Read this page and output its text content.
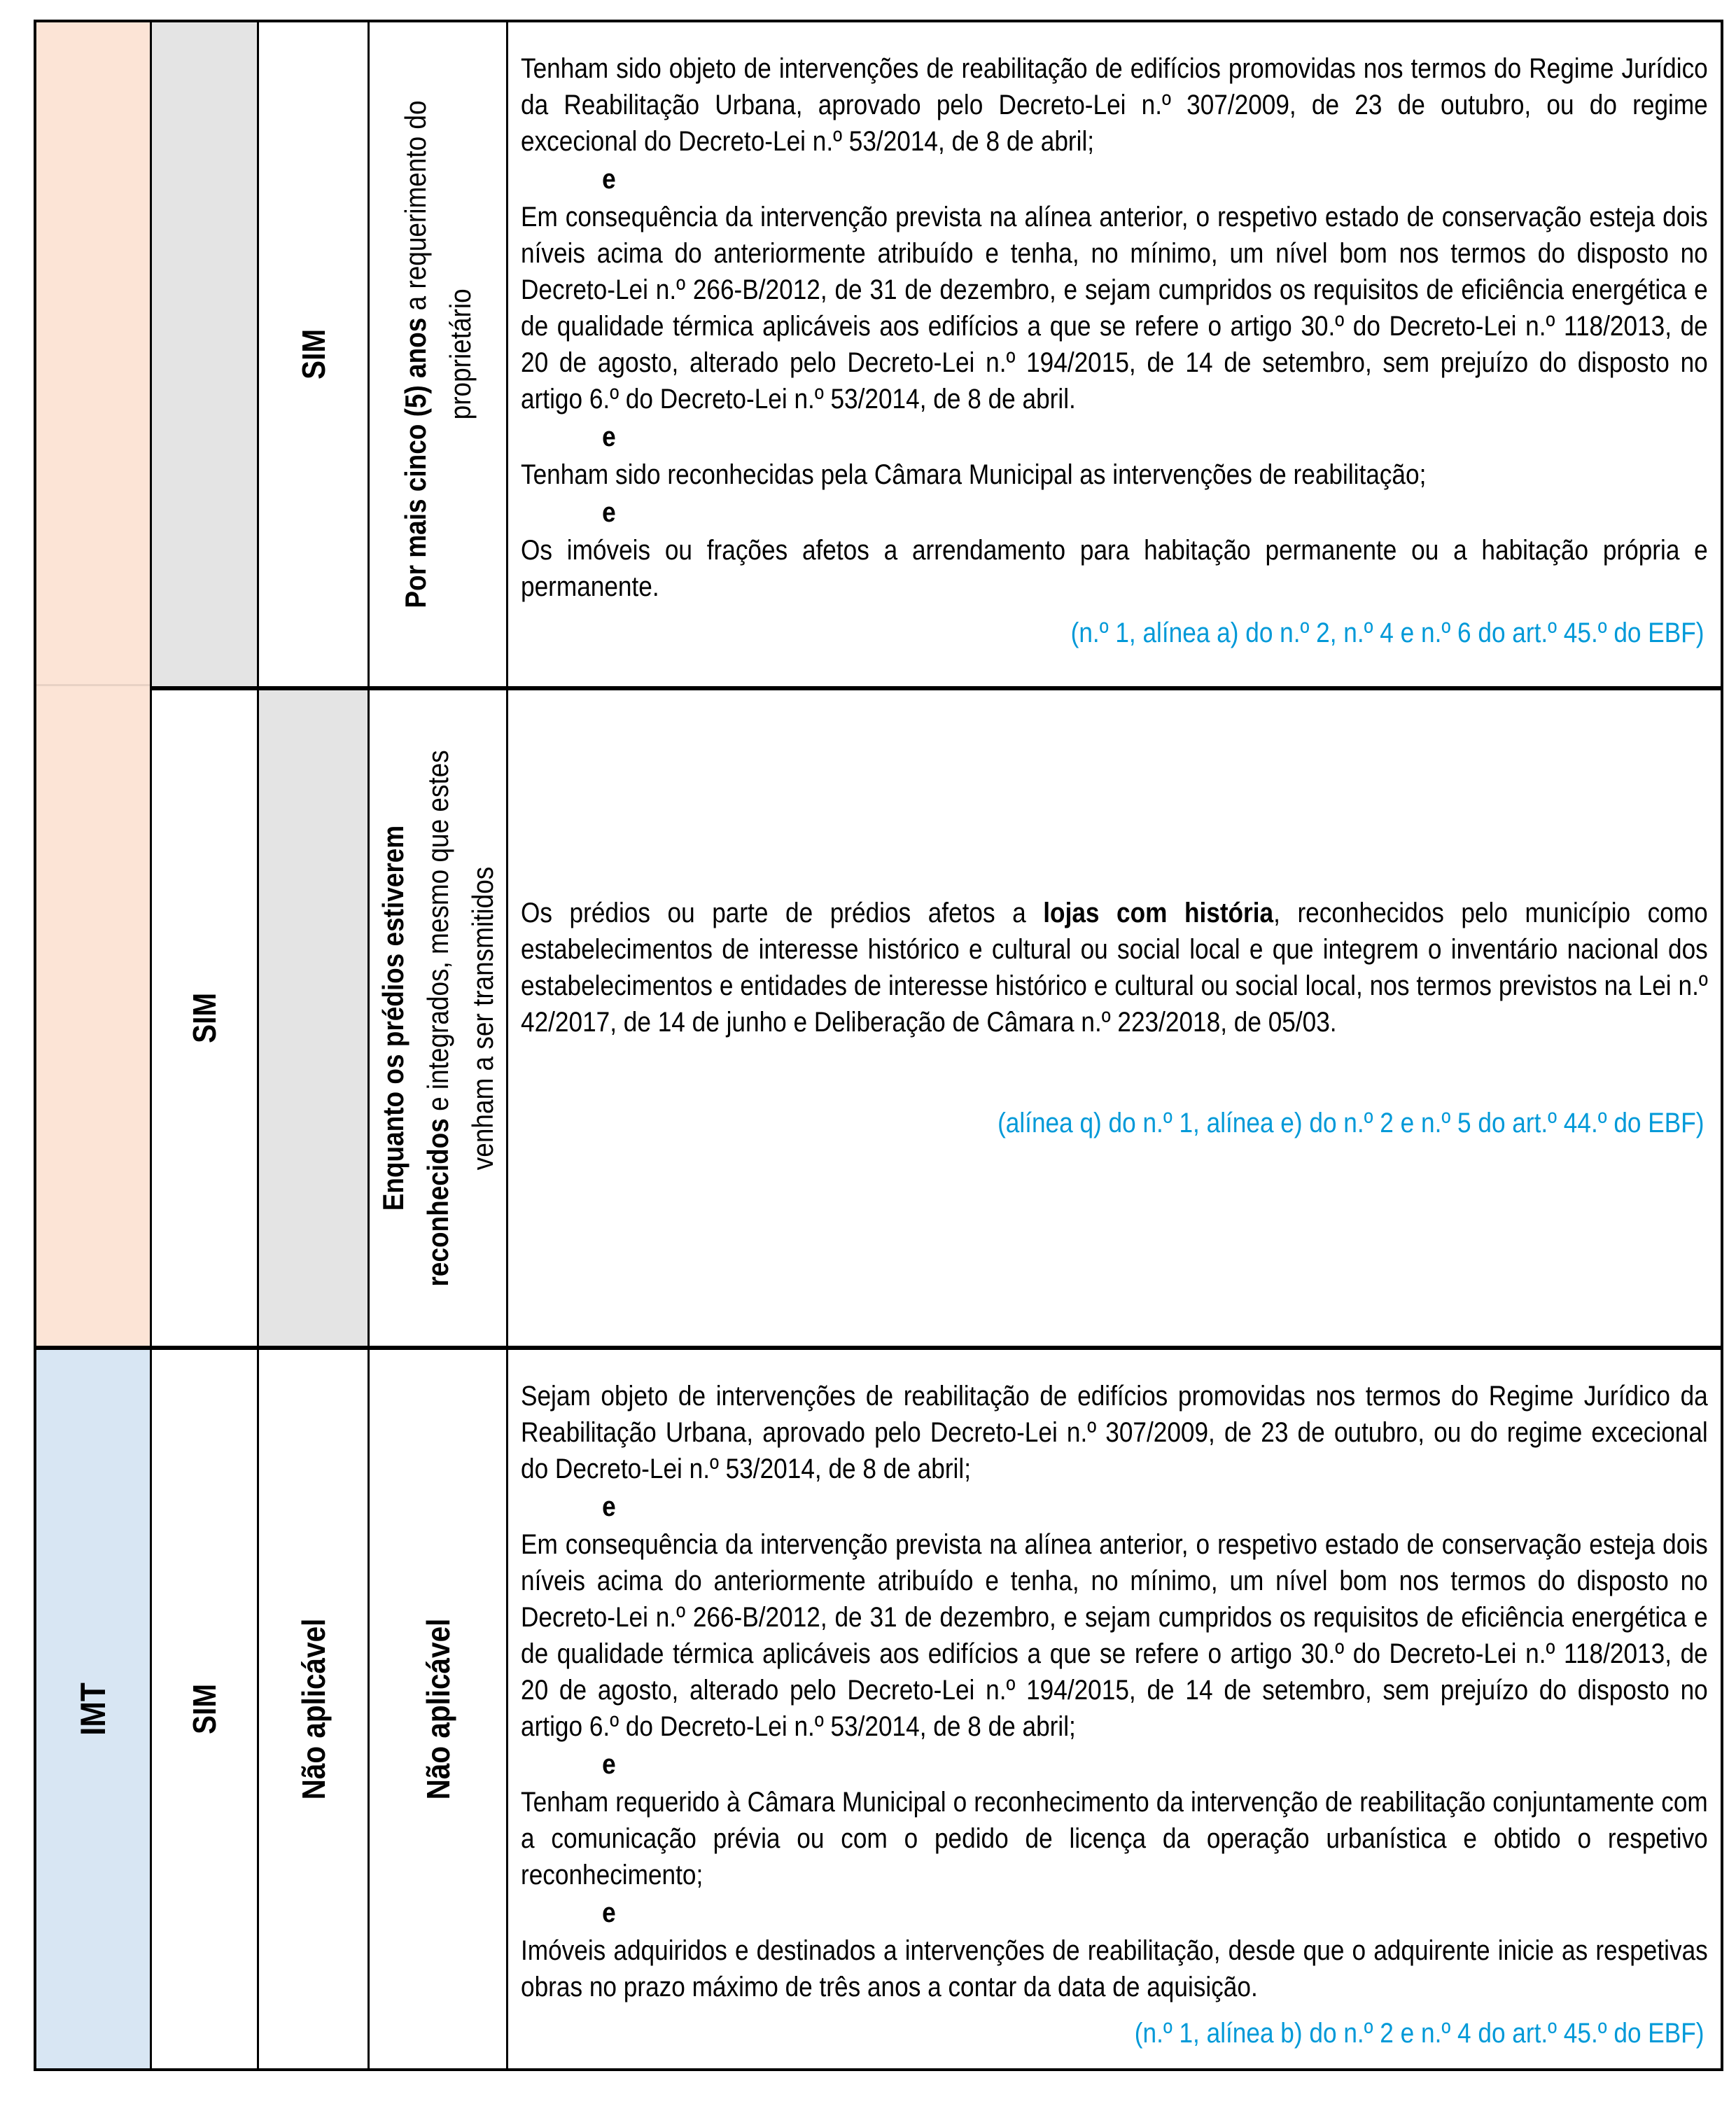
SIM Por mais cinco (5) anos a requerimento do
proprietário

Tenham sido objeto de intervenções de reabilitação de edifícios promovidas nos termos do Regime Jurídico da Reabilitação Urbana, aprovado pelo Decreto-Lei n.º 307/2009, de 23 de outubro, ou do regime excecional do Decreto-Lei n.º 53/2014, de 8 de abril;

e

Em consequência da intervenção prevista na alínea anterior, o respetivo estado de conservação esteja dois níveis acima do anteriormente atribuído e tenha, no mínimo, um nível bom nos termos do disposto no Decreto-Lei n.º 266-B/2012, de 31 de dezembro, e sejam cumpridos os requisitos de eficiência energética e de qualidade térmica aplicáveis aos edifícios a que se refere o artigo 30.º do Decreto-Lei n.º 118/2013, de 20 de agosto, alterado pelo Decreto-Lei n.º 194/2015, de 14 de setembro, sem prejuízo do disposto no artigo 6.º do Decreto-Lei n.º 53/2014, de 8 de abril.

e

Tenham sido reconhecidas pela Câmara Municipal as intervenções de reabilitação;

e

Os imóveis ou frações afetos a arrendamento para habitação permanente ou a habitação própria e permanente.

(n.º 1, alínea a) do n.º 2, n.º 4 e n.º 6 do art.º 45.º do EBF)
SIM	Enquanto os prédios estiverem reconhecidos e integrados, mesmo que estes venham a ser transmitidos Os prédios ou parte de prédios afetos a lojas com história, reconhecidos pelo município como estabelecimentos de interesse histórico e cultural ou social local e que integrem o inventário nacional dos estabelecimentos e entidades de interesse histórico e cultural ou social local, nos termos previstos na Lei n.º 42/2017, de 14 de junho e Deliberação de Câmara n.º 223/2018, de 05/03.

(alínea q) do n.º 1, alínea e) do n.º 2 e n.º 5 do art.º 44.º do EBF)
IMT SIM Não aplicável	Não aplicável

Sejam objeto de intervenções de reabilitação de edifícios promovidas nos termos do Regime Jurídico da Reabilitação Urbana, aprovado pelo Decreto-Lei n.º 307/2009, de 23 de outubro, ou do regime excecional do Decreto-Lei n.º 53/2014, de 8 de abril;

e

Em consequência da intervenção prevista na alínea anterior, o respetivo estado de conservação esteja dois níveis acima do anteriormente atribuído e tenha, no mínimo, um nível bom nos termos do disposto no Decreto-Lei n.º 266-B/2012, de 31 de dezembro, e sejam cumpridos os requisitos de eficiência energética e de qualidade térmica aplicáveis aos edifícios a que se refere o artigo 30.º do Decreto-Lei n.º 118/2013, de 20 de agosto, alterado pelo Decreto-Lei n.º 194/2015, de 14 de setembro, sem prejuízo do disposto no artigo 6.º do Decreto-Lei n.º 53/2014, de 8 de abril;

e

Tenham requerido à Câmara Municipal o reconhecimento da intervenção de reabilitação conjuntamente com a comunicação prévia ou com o pedido de licença da operação urbanística e obtido o respetivo reconhecimento;

e

Imóveis adquiridos e destinados a intervenções de reabilitação, desde que o adquirente inicie as respetivas obras no prazo máximo de três anos a contar da data de aquisição.

(n.º 1, alínea b) do n.º 2 e n.º 4 do art.º 45.º do EBF)
